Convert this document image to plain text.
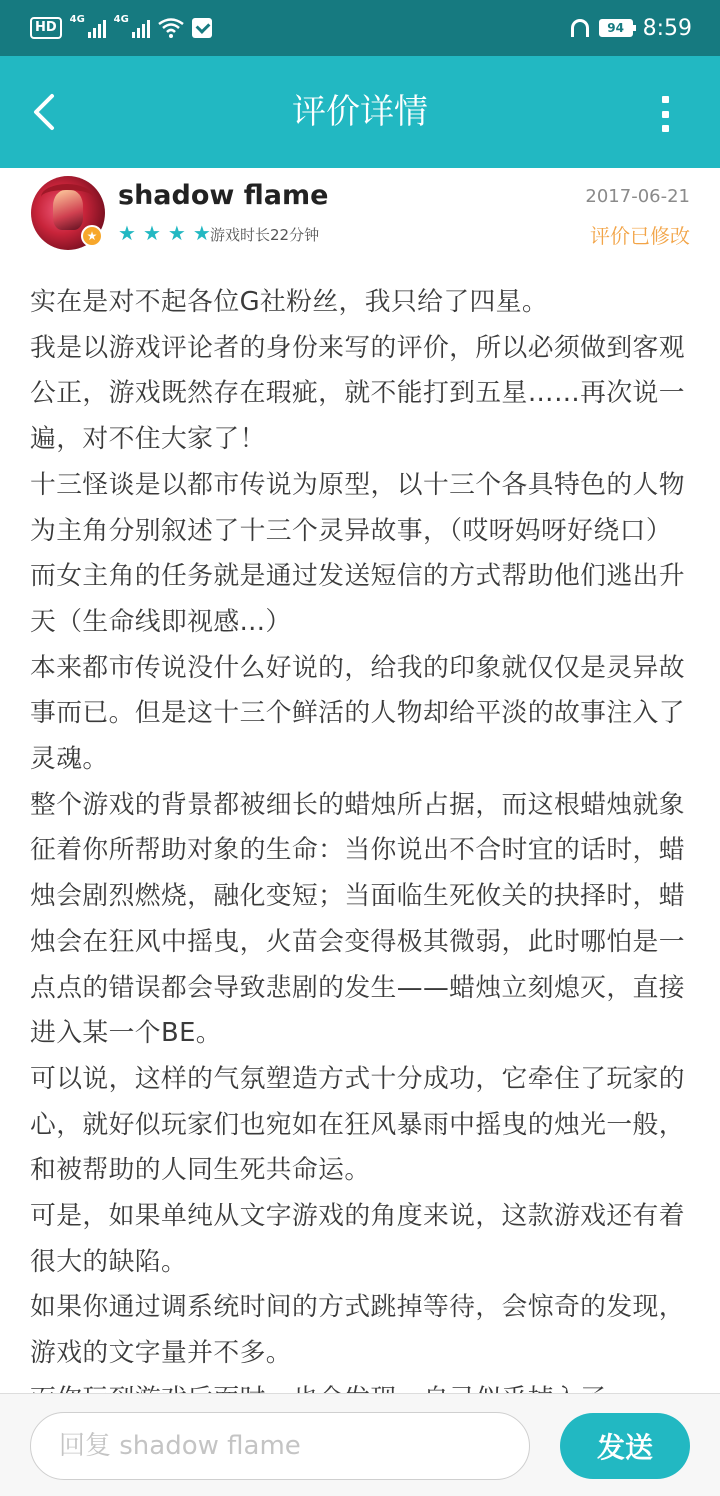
HD
4G	4G
94 8:59
评价详情
★
shadow flame
★ ★ ★ ★ 游戏时长22分钟
2017-06-21
评价已修改

实在是对不起各位G社粉丝，我只给了四星。

我是以游戏评论者的身份来写的评价，所以必须做到客观公正，游戏既然存在瑕疵，就不能打到五星……再次说一遍，对不住大家了！

十三怪谈是以都市传说为原型，以十三个各具特色的人物为主角分别叙述了十三个灵异故事，（哎呀妈呀好绕口）而女主角的任务就是通过发送短信的方式帮助他们逃出升天（生命线即视感...）

本来都市传说没什么好说的，给我的印象就仅仅是灵异故事而已。但是这十三个鲜活的人物却给平淡的故事注入了灵魂。

整个游戏的背景都被细长的蜡烛所占据，而这根蜡烛就象征着你所帮助对象的生命：当你说出不合时宜的话时，蜡烛会剧烈燃烧，融化变短；当面临生死攸关的抉择时，蜡烛会在狂风中摇曳，火苗会变得极其微弱，此时哪怕是一点点的错误都会导致悲剧的发生——蜡烛立刻熄灭，直接进入某一个BE。

可以说，这样的气氛塑造方式十分成功，它牵住了玩家的心，就好似玩家们也宛如在狂风暴雨中摇曳的烛光一般，和被帮助的人同生死共命运。

可是，如果单纯从文字游戏的角度来说，这款游戏还有着很大的缺陷。

如果你通过调系统时间的方式跳掉等待，会惊奇的发现，游戏的文字量并不多。

回复 shadow flame
发送
